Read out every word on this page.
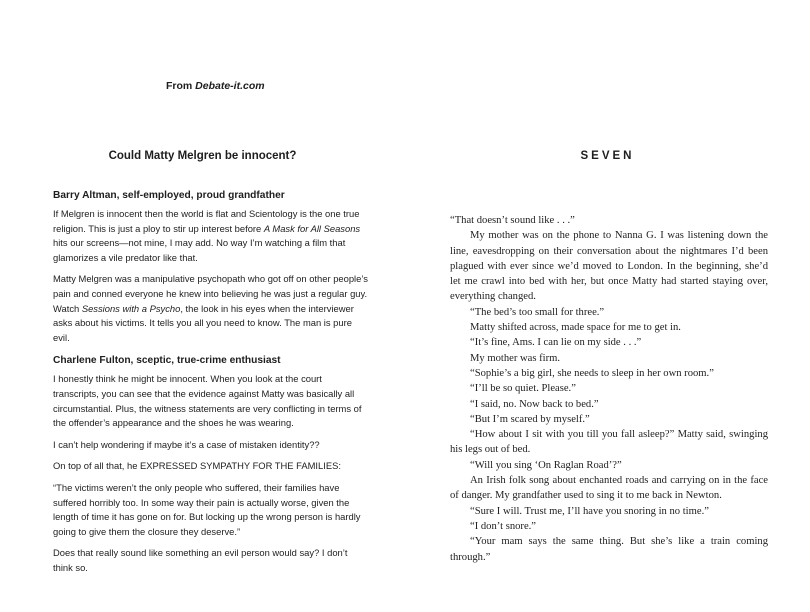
From Debate-it.com

Could Matty Melgren be innocent?

Barry Altman, self-employed, proud grandfather

If Melgren is innocent then the world is flat and Scientology is the one true religion. This is just a ploy to stir up interest before A Mask for All Seasons hits our screens—not mine, I may add. No way I’m watching a film that glamorizes a vile predator like that.

Matty Melgren was a manipulative psychopath who got off on other people’s pain and conned everyone he knew into believing he was just a regular guy. Watch Sessions with a Psycho, the look in his eyes when the interviewer asks about his victims. It tells you all you need to know. The man is pure evil.

Charlene Fulton, sceptic, true-crime enthusiast

I honestly think he might be innocent. When you look at the court transcripts, you can see that the evidence against Matty was basically all circumstantial. Plus, the witness statements are very conflicting in terms of the offender’s appearance and the shoes he was wearing.

I can’t help wondering if maybe it’s a case of mistaken identity??

On top of all that, he EXPRESSED SYMPATHY FOR THE FAMILIES:

“The victims weren’t the only people who suffered, their families have suffered horribly too. In some way their pain is actually worse, given the length of time it has gone on for. But locking up the wrong person is hardly going to give them the closure they deserve.”

Does that really sound like something an evil person would say? I don’t think so.

SEVEN

“That doesn’t sound like . . .”

My mother was on the phone to Nanna G. I was listening down the line, eavesdropping on their conversation about the nightmares I’d been plagued with ever since we’d moved to London. In the beginning, she’d let me crawl into bed with her, but once Matty had started staying over, everything changed.

“The bed’s too small for three.”

Matty shifted across, made space for me to get in.

“It’s fine, Ams. I can lie on my side . . .”

My mother was firm.

“Sophie’s a big girl, she needs to sleep in her own room.”

“I’ll be so quiet. Please.”

“I said, no. Now back to bed.”

“But I’m scared by myself.”

“How about I sit with you till you fall asleep?” Matty said, swinging his legs out of bed.

“Will you sing ‘On Raglan Road’?”

An Irish folk song about enchanted roads and carrying on in the face of danger. My grandfather used to sing it to me back in Newton.

“Sure I will. Trust me, I’ll have you snoring in no time.”

“I don’t snore.”

“Your mam says the same thing. But she’s like a train coming through.”
